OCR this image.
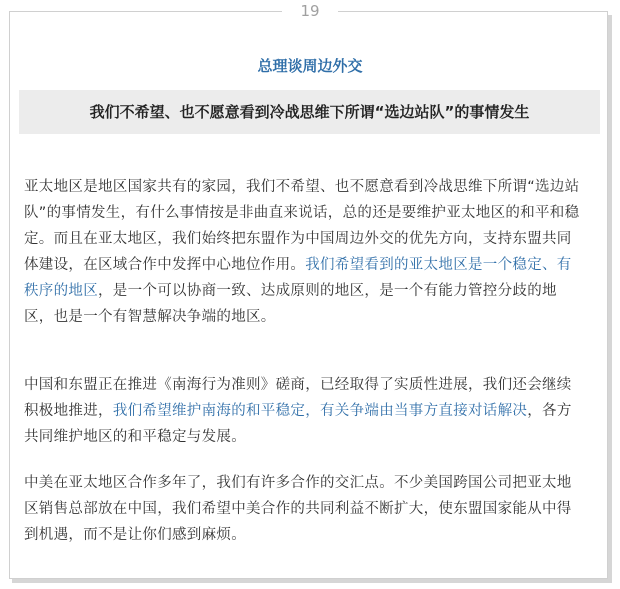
19
总理谈周边外交
我们不希望、也不愿意看到冷战思维下所谓“选边站队”的事情发生

亚太地区是地区国家共有的家园，我们不希望、也不愿意看到冷战思维下所谓“选边站队”的事情发生，有什么事情按是非曲直来说话，总的还是要维护亚太地区的和平和稳定。而且在亚太地区，我们始终把东盟作为中国周边外交的优先方向，支持东盟共同体建设，在区域合作中发挥中心地位作用。我们希望看到的亚太地区是一个稳定、有秩序的地区，是一个可以协商一致、达成原则的地区，是一个有能力管控分歧的地区，也是一个有智慧解决争端的地区。

中国和东盟正在推进《南海行为准则》磋商，已经取得了实质性进展，我们还会继续积极地推进，我们希望维护南海的和平稳定，有关争端由当事方直接对话解决，各方共同维护地区的和平稳定与发展。

中美在亚太地区合作多年了，我们有许多合作的交汇点。不少美国跨国公司把亚太地区销售总部放在中国，我们希望中美合作的共同利益不断扩大，使东盟国家能从中得到机遇，而不是让你们感到麻烦。
